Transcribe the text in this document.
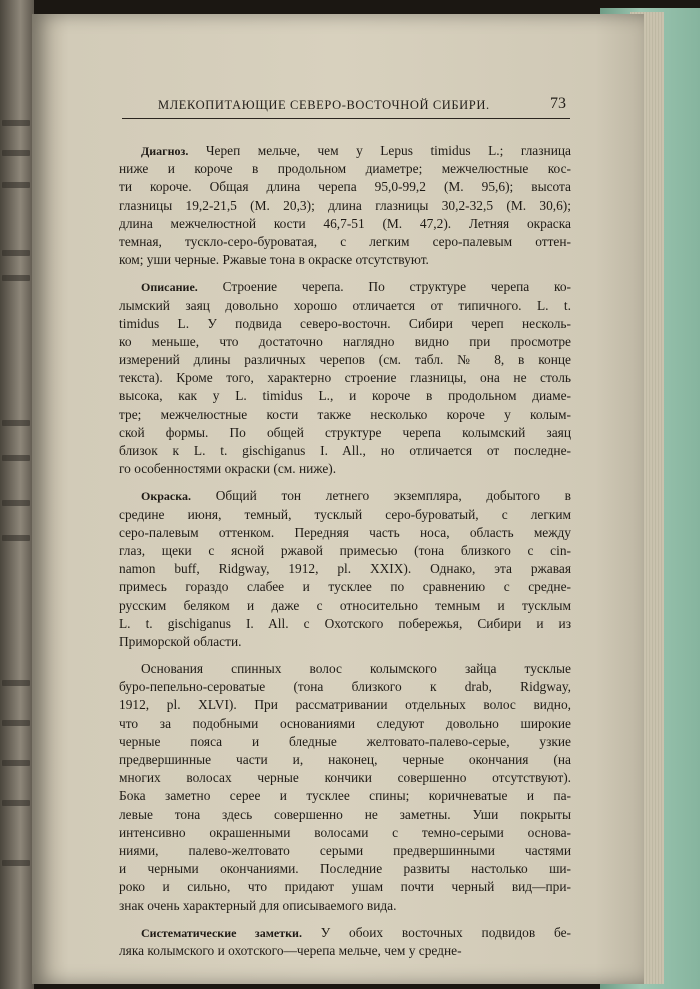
МЛЕКОПИТАЮЩИЕ СЕВЕРО-ВОСТОЧНОЙ СИБИРИ.	73
Диагноз. Череп мельче, чем у Lepus timidus L.; глазница
ниже и короче в продольном диаметре; межчелюстные кос-
ти короче. Общая длина черепа 95,0-99,2 (М. 95,6); высота
глазницы 19,2-21,5 (М. 20,3); длина глазницы 30,2-32,5 (М. 30,6);
длина межчелюстной кости 46,7-51 (М. 47,2). Летняя окраска
темная, тускло-серо-буроватая, с легким серо-палевым оттен-
ком; уши черные. Ржавые тона в окраске отсутствуют.
Описание. Строение черепа. По структуре черепа ко-
лымский заяц довольно хорошо отличается от типичного. L. t.
timidus L. У подвида северо-восточн. Сибири череп несколь-
ко меньше, что достаточно наглядно видно при просмотре
измерений длины различных черепов (см. табл. № 8, в конце
текста). Кроме того, характерно строение глазницы, она не столь
высока, как у L. timidus L., и короче в продольном диаме-
тре; межчелюстные кости также несколько короче у колым-
ской формы. По общей структуре черепа колымский заяц
близок к L. t. gischiganus I. All., но отличается от последне-
го особенностями окраски (см. ниже).
Окраска. Общий тон летнего экземпляра, добытого в
средине июня, темный, тусклый серо-буроватый, с легким
серо-палевым оттенком. Передняя часть носа, область между
глаз, щеки с ясной ржавой примесью (тона близкого с cin-
namon buff, Ridgway, 1912, pl. XXIX). Однако, эта ржавая
примесь гораздо слабее и тусклее по сравнению с средне-
русским беляком и даже с относительно темным и тусклым
L. t. gischiganus I. All. с Охотского побережья, Сибири и из
Приморской области.
Основания спинных волос колымского зайца тусклые
буро-пепельно-сероватые (тона близкого к drab, Ridgway,
1912, pl. XLVI). При рассматривании отдельных волос видно,
что за подобными основаниями следуют довольно широкие
черные пояса и бледные желтовато-палево-серые, узкие
предвершинные части и, наконец, черные окончания (на
многих волосах черные кончики совершенно отсутствуют).
Бока заметно серее и тусклее спины; коричневатые и па-
левые тона здесь совершенно не заметны. Уши покрыты
интенсивно окрашенными волосами с темно-серыми основа-
ниями, палево-желтовато серыми предвершинными частями
и черными окончаниями. Последние развиты настолько ши-
роко и сильно, что придают ушам почти черный вид—при-
знак очень характерный для описываемого вида.
Систематические заметки. У обоих восточных подвидов бе-
ляка колымского и охотского—черепа мельче, чем у средне-
